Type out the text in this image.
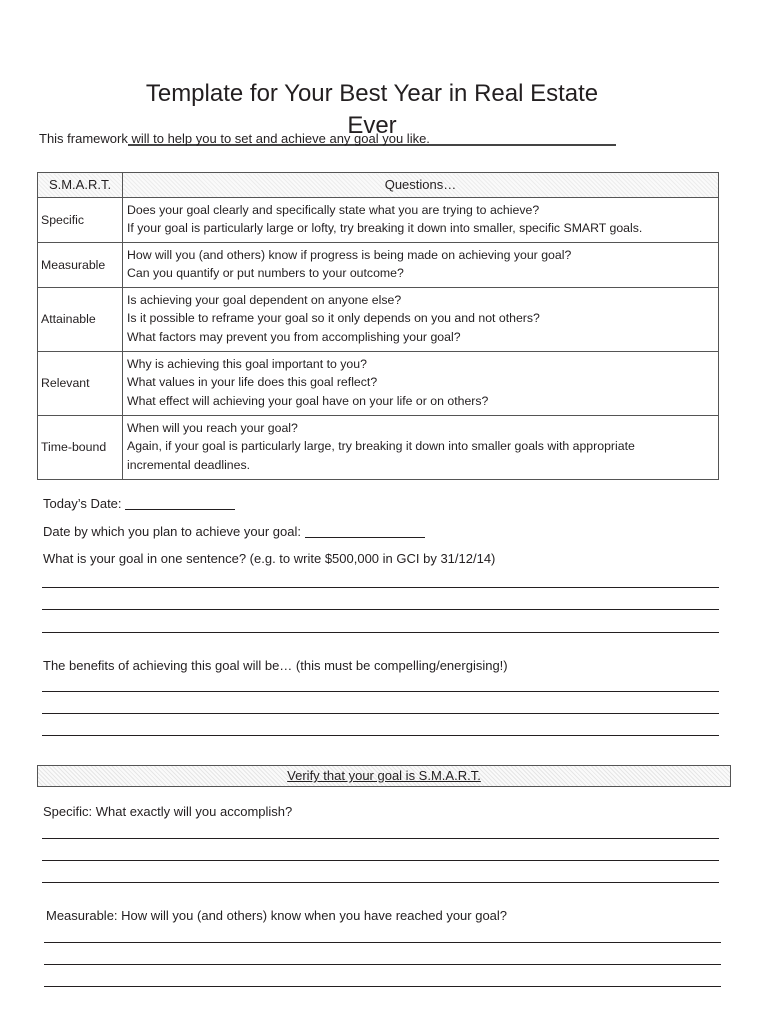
Template for Your Best Year in Real Estate Ever

This framework will to help you to set and achieve any goal you like.

S.M.A.R.T.	Questions…
Specific	Does your goal clearly and specifically state what you are trying to achieve?
If your goal is particularly large or lofty, try breaking it down into smaller, specific SMART goals.

Measurable	How will you (and others) know if progress is being made on achieving your goal?
Can you quantify or put numbers to your outcome?

Attainable	Is achieving your goal dependent on anyone else?
Is it possible to reframe your goal so it only depends on you and not others?
What factors may prevent you from accomplishing your goal?

Relevant	Why is achieving this goal important to you?
What values in your life does this goal reflect?
What effect will achieving your goal have on your life or on others?

Time-bound	When will you reach your goal?
Again, if your goal is particularly large, try breaking it down into smaller goals with appropriate
incremental deadlines.

Today’s Date:

Date by which you plan to achieve your goal:

What is your goal in one sentence? (e.g. to write $500,000 in GCI by 31/12/14)

The benefits of achieving this goal will be… (this must be compelling/energising!)

Verify that your goal is S.M.A.R.T.

Specific: What exactly will you accomplish?

Measurable: How will you (and others) know when you have reached your goal?
